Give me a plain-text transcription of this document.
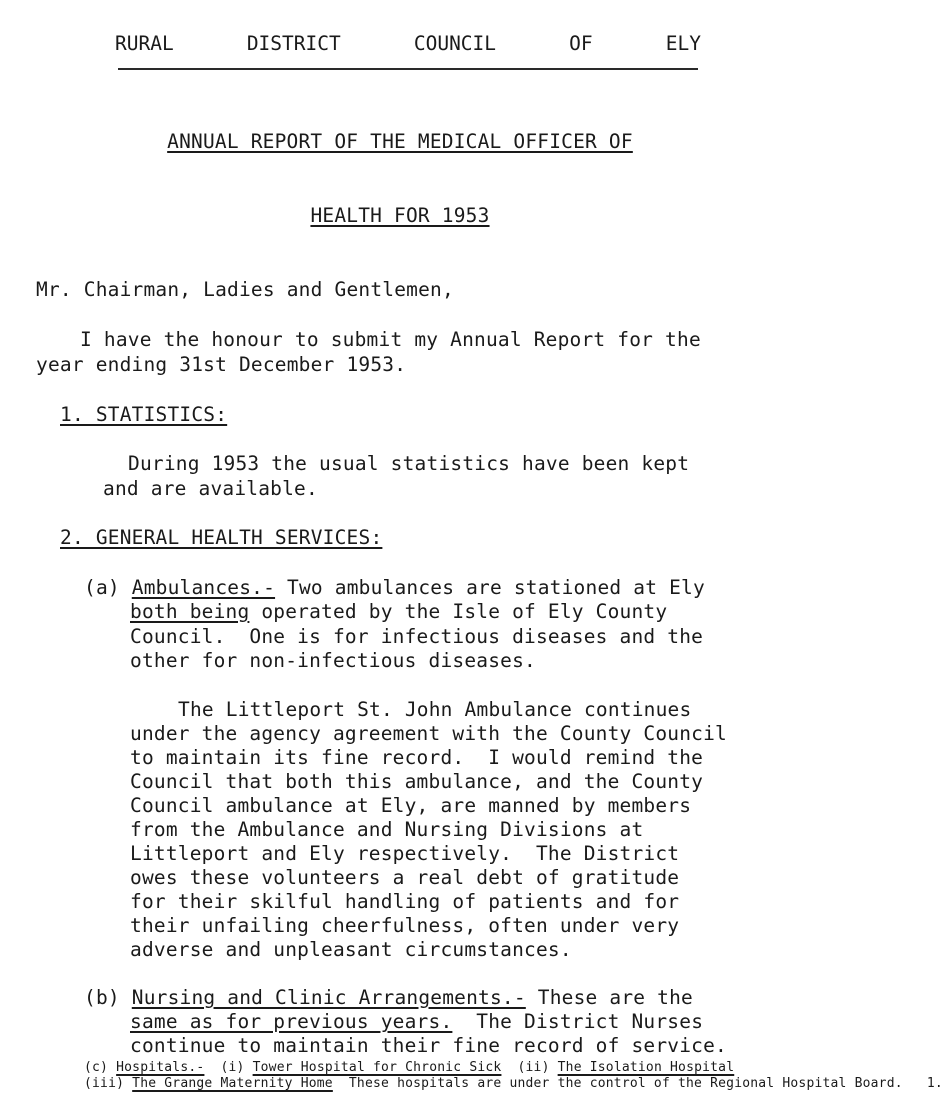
RURAL	DISTRICT	COUNCIL	OF	ELY
ANNUAL REPORT OF THE MEDICAL OFFICER OF
HEALTH FOR 1953
Mr. Chairman, Ladies and Gentlemen,
I have the honour to submit my Annual Report for the
year ending 31st December 1953.
1. STATISTICS:
During 1953 the usual statistics have been kept
and are available.
2. GENERAL HEALTH SERVICES:
(a) Ambulances.- Two ambulances are stationed at Ely
both being operated by the Isle of Ely County
Council.  One is for infectious diseases and the
other for non-infectious diseases.
The Littleport St. John Ambulance continues
under the agency agreement with the County Council
to maintain its fine record.  I would remind the
Council that both this ambulance, and the County
Council ambulance at Ely, are manned by members
from the Ambulance and Nursing Divisions at
Littleport and Ely respectively.  The District
owes these volunteers a real debt of gratitude
for their skilful handling of patients and for
their unfailing cheerfulness, often under very
adverse and unpleasant circumstances.
(b) Nursing and Clinic Arrangements.- These are the
same as for previous years.  The District Nurses
continue to maintain their fine record of service.
(c) Hospitals.- (i) Tower Hospital for Chronic Sick (ii) The Isolation Hospital
(iii) The Grange Maternity Home These hospitals are under the control of the Regional Hospital Board. 1.
